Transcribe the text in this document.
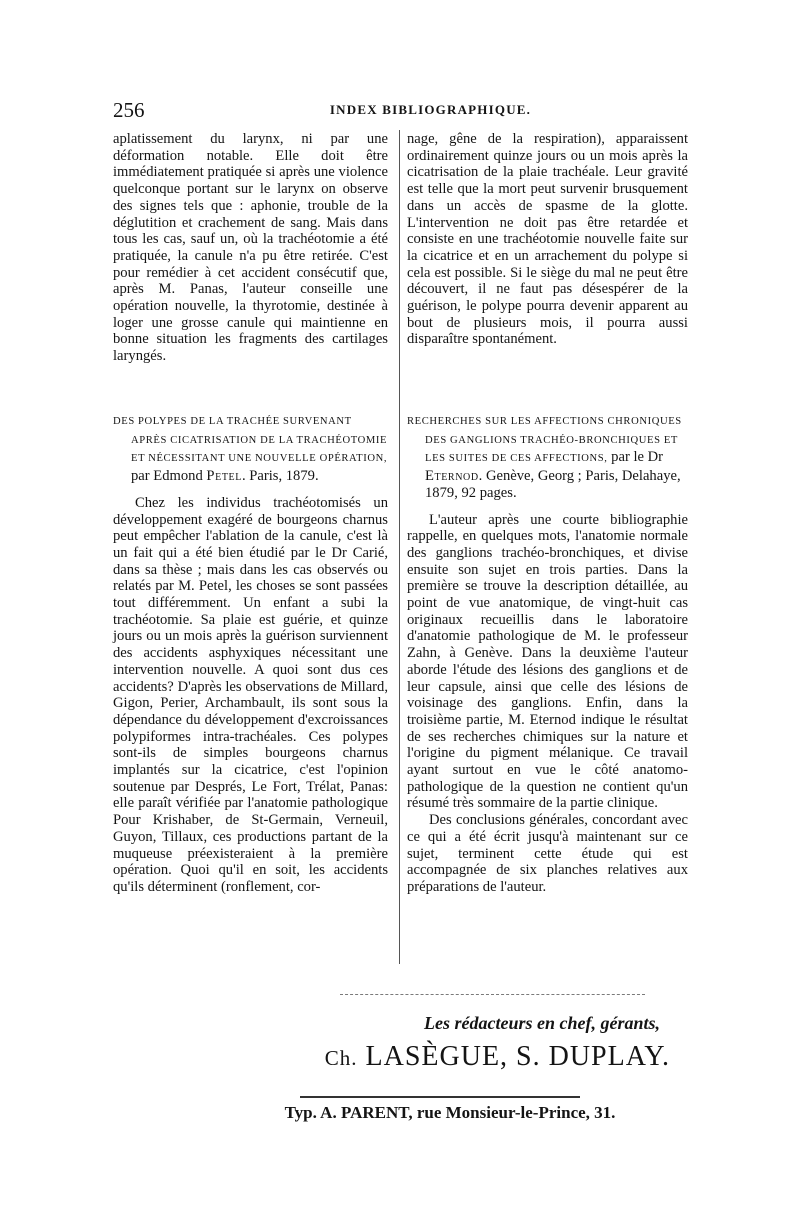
256	INDEX BIBLIOGRAPHIQUE.

aplatissement du larynx, ni par une déformation notable. Elle doit être immédiatement pratiquée si après une violence quelconque portant sur le larynx on observe des signes tels que : aphonie, trouble de la déglutition et crachement de sang. Mais dans tous les cas, sauf un, où la trachéotomie a été pratiquée, la canule n'a pu être retirée. C'est pour remédier à cet accident consécutif que, après M. Panas, l'auteur conseille une opération nouvelle, la thyrotomie, destinée à loger une grosse canule qui maintienne en bonne situation les fragments des cartilages laryngés.

DES POLYPES DE LA TRACHÉE SURVENANT APRÈS CICATRISATION DE LA TRACHÉOTOMIE ET NÉCESSITANT UNE NOUVELLE OPÉRATION, par Edmond Petel. Paris, 1879.

Chez les individus trachéotomisés un développement exagéré de bourgeons charnus peut empêcher l'ablation de la canule, c'est là un fait qui a été bien étudié par le Dr Carié, dans sa thèse ; mais dans les cas observés ou relatés par M. Petel, les choses se sont passées tout différemment. Un enfant a subi la trachéotomie. Sa plaie est guérie, et quinze jours ou un mois après la guérison surviennent des accidents asphyxiques nécessitant une intervention nouvelle. A quoi sont dus ces accidents? D'après les observations de Millard, Gigon, Perier, Archambault, ils sont sous la dépendance du développement d'excroissances polypiformes intra-trachéales. Ces polypes sont-ils de simples bourgeons charnus implantés sur la cicatrice, c'est l'opinion soutenue par Després, Le Fort, Trélat, Panas: elle paraît vérifiée par l'anatomie pathologique Pour Krishaber, de St-Germain, Verneuil, Guyon, Tillaux, ces productions partant de la muqueuse préexisteraient à la première opération. Quoi qu'il en soit, les accidents qu'ils déterminent (ronflement, cor-

nage, gêne de la respiration), apparaissent ordinairement quinze jours ou un mois après la cicatrisation de la plaie trachéale. Leur gravité est telle que la mort peut survenir brusquement dans un accès de spasme de la glotte. L'intervention ne doit pas être retardée et consiste en une trachéotomie nouvelle faite sur la cicatrice et en un arrachement du polype si cela est possible. Si le siège du mal ne peut être découvert, il ne faut pas désespérer de la guérison, le polype pourra devenir apparent au bout de plusieurs mois, il pourra aussi disparaître spontanément.

RECHERCHES SUR LES AFFECTIONS CHRONIQUES DES GANGLIONS TRACHÉO-BRONCHIQUES ET LES SUITES DE CES AFFECTIONS, par le Dr Eternod. Genève, Georg ; Paris, Delahaye, 1879, 92 pages.

L'auteur après une courte bibliographie rappelle, en quelques mots, l'anatomie normale des ganglions trachéo-bronchiques, et divise ensuite son sujet en trois parties. Dans la première se trouve la description détaillée, au point de vue anatomique, de vingt-huit cas originaux recueillis dans le laboratoire d'anatomie pathologique de M. le professeur Zahn, à Genève. Dans la deuxième l'auteur aborde l'étude des lésions des ganglions et de leur capsule, ainsi que celle des lésions de voisinage des ganglions. Enfin, dans la troisième partie, M. Eternod indique le résultat de ses recherches chimiques sur la nature et l'origine du pigment mélanique. Ce travail ayant surtout en vue le côté anatomo-pathologique de la question ne contient qu'un résumé très sommaire de la partie clinique.

Des conclusions générales, concordant avec ce qui a été écrit jusqu'à maintenant sur ce sujet, terminent cette étude qui est accompagnée de six planches relatives aux préparations de l'auteur.

Les rédacteurs en chef, gérants,
Ch. LASÈGUE, S. DUPLAY.
Typ. A. PARENT, rue Monsieur-le-Prince, 31.
